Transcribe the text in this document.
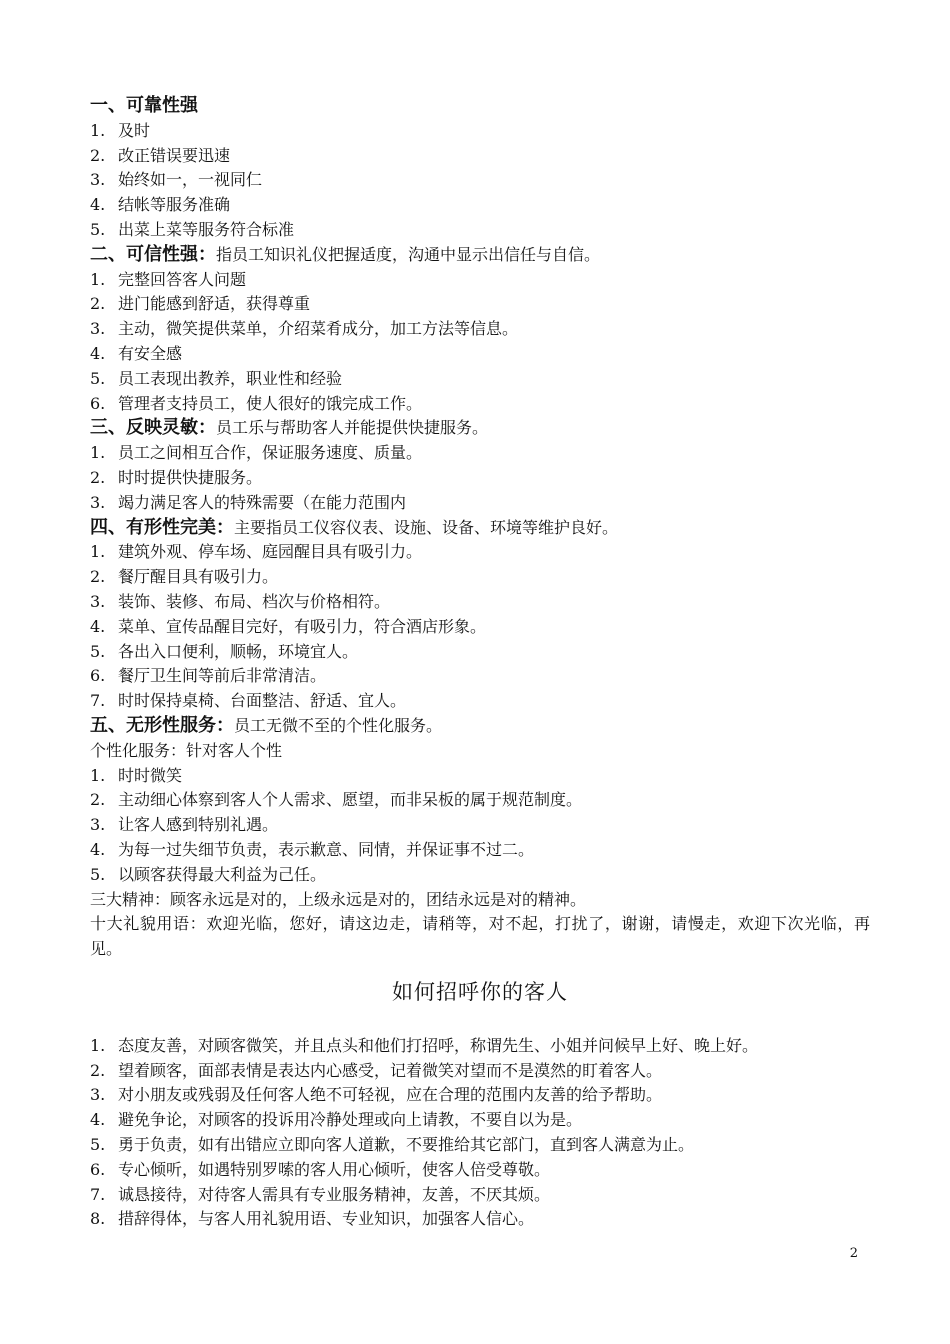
一、可靠性强
1. 及时
2. 改正错误要迅速
3. 始终如一，一视同仁
4. 结帐等服务准确
5. 出菜上菜等服务符合标准
二、可信性强：指员工知识礼仪把握适度，沟通中显示出信任与自信。
1. 完整回答客人问题
2. 进门能感到舒适，获得尊重
3. 主动，微笑提供菜单，介绍菜肴成分，加工方法等信息。
4. 有安全感
5. 员工表现出教养，职业性和经验
6. 管理者支持员工，使人很好的饿完成工作。
三、反映灵敏：员工乐与帮助客人并能提供快捷服务。
1. 员工之间相互合作，保证服务速度、质量。
2. 时时提供快捷服务。
3. 竭力满足客人的特殊需要（在能力范围内
四、有形性完美：主要指员工仪容仪表、设施、设备、环境等维护良好。
1. 建筑外观、停车场、庭园醒目具有吸引力。
2. 餐厅醒目具有吸引力。
3. 装饰、装修、布局、档次与价格相符。
4. 菜单、宣传品醒目完好，有吸引力，符合酒店形象。
5. 各出入口便利，顺畅，环境宜人。
6. 餐厅卫生间等前后非常清洁。
7. 时时保持桌椅、台面整洁、舒适、宜人。
五、无形性服务：员工无微不至的个性化服务。
个性化服务：针对客人个性
1. 时时微笑
2. 主动细心体察到客人个人需求、愿望，而非呆板的属于规范制度。
3. 让客人感到特别礼遇。
4. 为每一过失细节负责，表示歉意、同情，并保证事不过二。
5. 以顾客获得最大利益为己任。
三大精神：顾客永远是对的，上级永远是对的，团结永远是对的精神。
十大礼貌用语：欢迎光临，您好，请这边走，请稍等，对不起，打扰了，谢谢，请慢走，欢迎下次光临，再见。
如何招呼你的客人
1. 态度友善，对顾客微笑，并且点头和他们打招呼，称谓先生、小姐并问候早上好、晚上好。
2. 望着顾客，面部表情是表达内心感受，记着微笑对望而不是漠然的盯着客人。
3. 对小朋友或残弱及任何客人绝不可轻视，应在合理的范围内友善的给予帮助。
4. 避免争论，对顾客的投诉用冷静处理或向上请教，不要自以为是。
5. 勇于负责，如有出错应立即向客人道歉，不要推给其它部门，直到客人满意为止。
6. 专心倾听，如遇特别罗嗦的客人用心倾听，使客人倍受尊敬。
7. 诚恳接待，对待客人需具有专业服务精神，友善，不厌其烦。
8. 措辞得体，与客人用礼貌用语、专业知识，加强客人信心。
2
